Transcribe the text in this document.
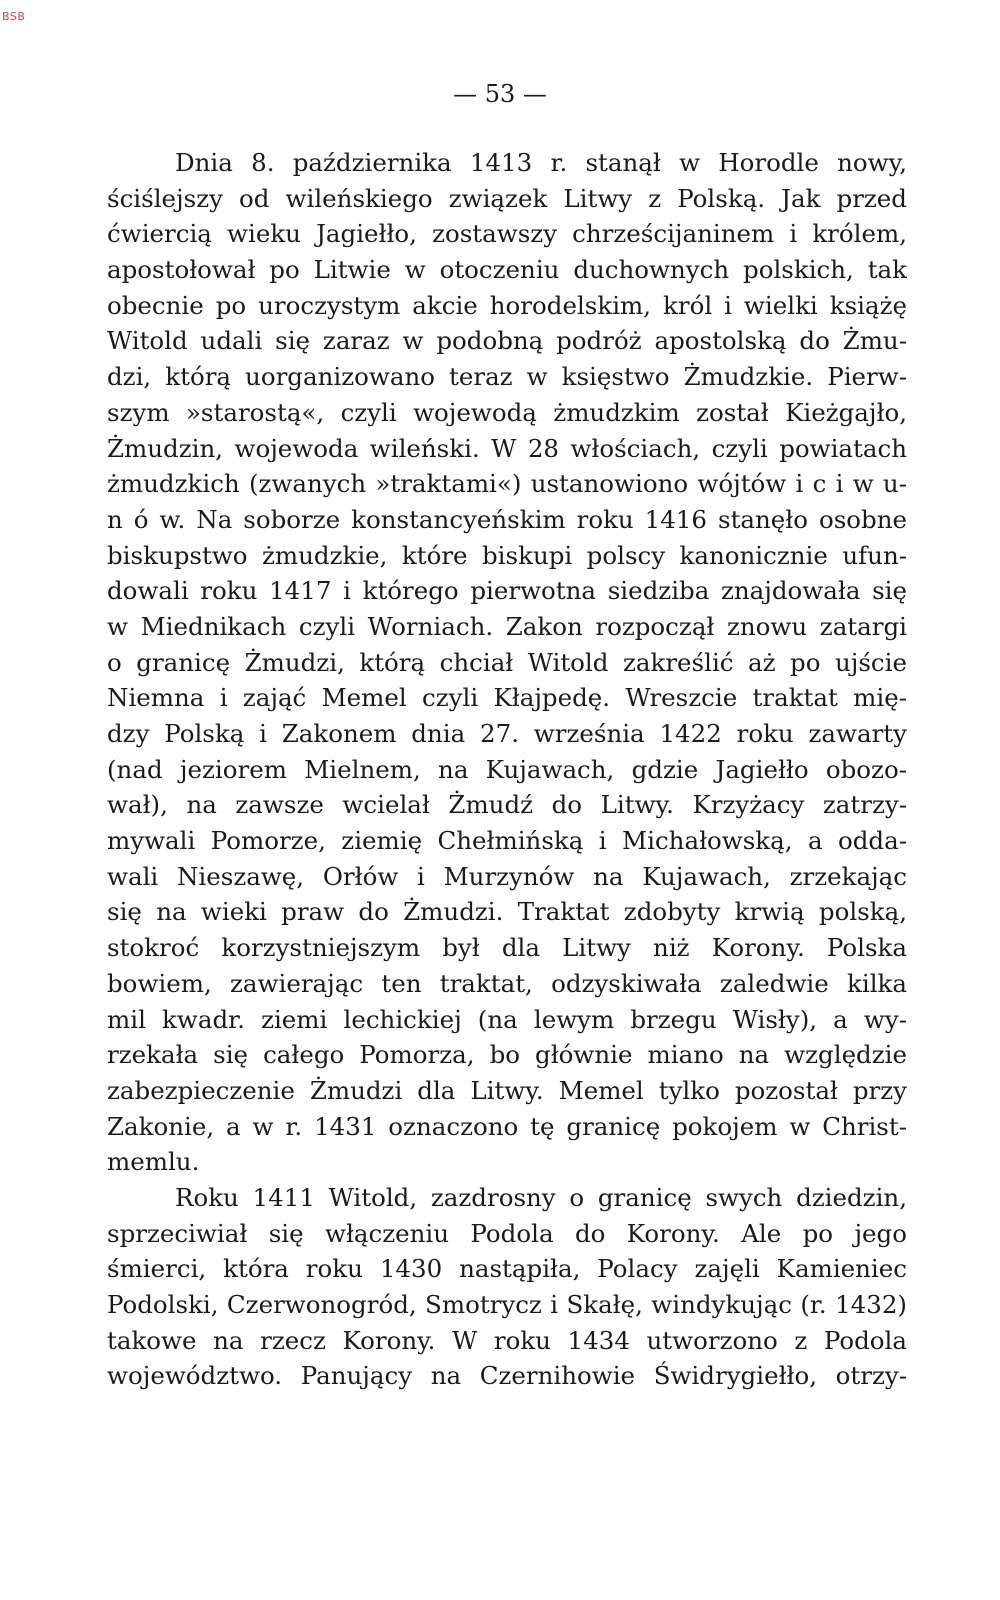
BSB
— 53 —
Dnia 8. października 1413 r. stanął w Horodle nowy,
ściślejszy od wileńskiego związek Litwy z Polską. Jak przed
ćwiercią wieku Jagiełło, zostawszy chrześcijaninem i królem,
apostołował po Litwie w otoczeniu duchownych polskich, tak
obecnie po uroczystym akcie horodelskim, król i wielki książę
Witold udali się zaraz w podobną podróż apostolską do Żmu-
dzi, którą uorganizowano teraz w księstwo Żmudzkie. Pierw-
szym »starostą«, czyli wojewodą żmudzkim został Kieżgajło,
Żmudzin, wojewoda wileński. W 28 włościach, czyli powiatach
żmudzkich (zwanych »traktami«) ustanowiono wójtów i c i w u-
n ó w. Na soborze konstancyeńskim roku 1416 stanęło osobne
biskupstwo żmudzkie, które biskupi polscy kanonicznie ufun-
dowali roku 1417 i którego pierwotna siedziba znajdowała się
w Miednikach czyli Worniach. Zakon rozpoczął znowu zatargi
o granicę Żmudzi, którą chciał Witold zakreślić aż po ujście
Niemna i zająć Memel czyli Kłajpedę. Wreszcie traktat mię-
dzy Polską i Zakonem dnia 27. września 1422 roku zawarty
(nad jeziorem Mielnem, na Kujawach, gdzie Jagiełło obozo-
wał), na zawsze wcielał Żmudź do Litwy. Krzyżacy zatrzy-
mywali Pomorze, ziemię Chełmińską i Michałowską, a odda-
wali Nieszawę, Orłów i Murzynów na Kujawach, zrzekając
się na wieki praw do Żmudzi. Traktat zdobyty krwią polską,
stokroć korzystniejszym był dla Litwy niż Korony. Polska
bowiem, zawierając ten traktat, odzyskiwała zaledwie kilka
mil kwadr. ziemi lechickiej (na lewym brzegu Wisły), a wy-
rzekała się całego Pomorza, bo głównie miano na względzie
zabezpieczenie Żmudzi dla Litwy. Memel tylko pozostał przy
Zakonie, a w r. 1431 oznaczono tę granicę pokojem w Christ-
memlu.
Roku 1411 Witold, zazdrosny o granicę swych dziedzin,
sprzeciwiał się włączeniu Podola do Korony. Ale po jego
śmierci, która roku 1430 nastąpiła, Polacy zajęli Kamieniec
Podolski, Czerwonogród, Smotrycz i Skałę, windykując (r. 1432)
takowe na rzecz Korony. W roku 1434 utworzono z Podola
województwo. Panujący na Czernihowie Świdrygiełło, otrzy-
